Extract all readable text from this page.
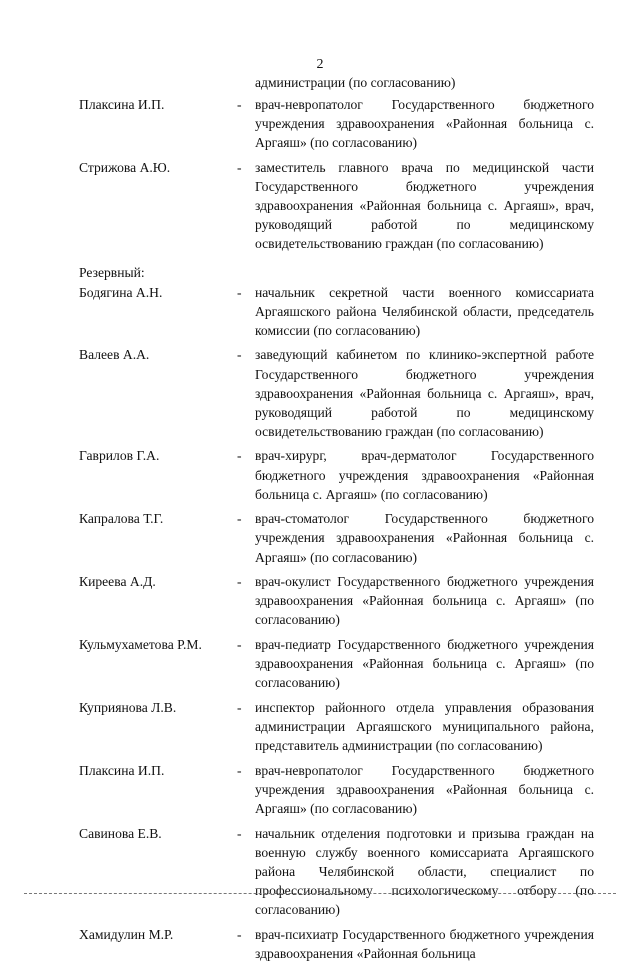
2
администрации (по согласованию)
Плаксина И.П.	- врач-невропатолог Государственного бюджетного учреждения здравоохранения «Районная больница с. Аргаяш» (по согласованию)
Стрижова А.Ю.	- заместитель главного врача по медицинской части Государственного бюджетного учреждения здравоохранения «Районная больница с. Аргаяш», врач, руководящий работой по медицинскому освидетельствованию граждан (по согласованию)
Резервный:
Бодягина А.Н.	- начальник секретной части военного комиссариата Аргаяшского района Челябинской области, председатель комиссии (по согласованию)
Валеев А.А.	- заведующий кабинетом по клинико-экспертной работе Государственного бюджетного учреждения здравоохранения «Районная больница с. Аргаяш», врач, руководящий работой по медицинскому освидетельствованию граждан (по согласованию)
Гаврилов Г.А.	- врач-хирург, врач-дерматолог Государственного бюджетного учреждения здравоохранения «Районная больница с. Аргаяш» (по согласованию)
Капралова Т.Г.	- врач-стоматолог Государственного бюджетного учреждения здравоохранения «Районная больница с. Аргаяш» (по согласованию)
Киреева А.Д.	- врач-окулист Государственного бюджетного учреждения здравоохранения «Районная больница с. Аргаяш» (по согласованию)
Кульмухаметова Р.М.	- врач-педиатр Государственного бюджетного учреждения здравоохранения «Районная больница с. Аргаяш» (по согласованию)
Куприянова Л.В.	- инспектор районного отдела управления образования администрации Аргаяшского муниципального района, представитель администрации (по согласованию)
Плаксина И.П.	- врач-невропатолог Государственного бюджетного учреждения здравоохранения «Районная больница с. Аргаяш» (по согласованию)
Савинова Е.В.	- начальник отделения подготовки и призыва граждан на военную службу военного комиссариата Аргаяшского района Челябинской области, специалист по профессиональному психологическому отбору (по согласованию)
Хамидулин М.Р.	- врач-психиатр Государственного бюджетного учреждения здравоохранения «Районная больница
